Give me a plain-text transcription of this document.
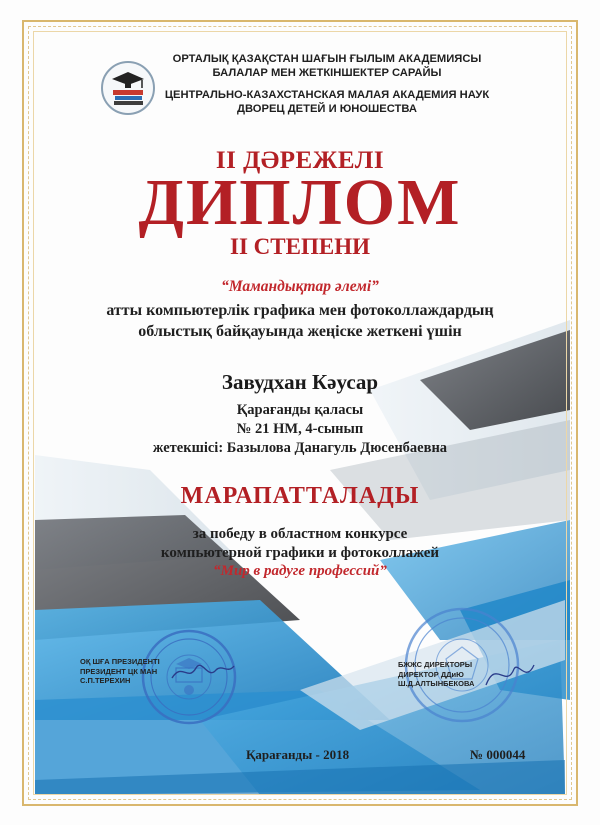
ОРТАЛЫҚ ҚАЗАҚСТАН ШАҒЫН ҒЫЛЫМ АКАДЕМИЯСЫ
БАЛАЛАР МЕН ЖЕТКІНШЕКТЕР САРАЙЫ
ЦЕНТРАЛЬНО-КАЗАХСТАНСКАЯ МАЛАЯ АКАДЕМИЯ НАУК
ДВОРЕЦ ДЕТЕЙ И ЮНОШЕСТВА
II ДӘРЕЖЕЛІ
ДИПЛОМ
II СТЕПЕНИ
“Мамандықтар әлемі”
атты компьютерлік графика мен фотоколлаждардың
облыстық байқауында жеңіске жеткені үшін
Завудхан Кәусар
Қарағанды қаласы
№ 21 НМ, 4-сынып
жетекшісі: Базылова Данагуль Дюсенбаевна
МАРАПАТТАЛАДЫ
за победу в областном конкурсе
компьютерной графики и фотоколлажей
“Мир в радуге профессий”
ОҚ ШҒА ПРЕЗИДЕНТІ
ПРЕЗИДЕНТ ЦК МАН
С.П.ТЕРЕХИН
БЖЖС ДИРЕКТОРЫ
ДИРЕКТОР ДДиЮ
Ш.Д.АЛТЫНБЕКОВА
Қарағанды - 2018	№ 000044
